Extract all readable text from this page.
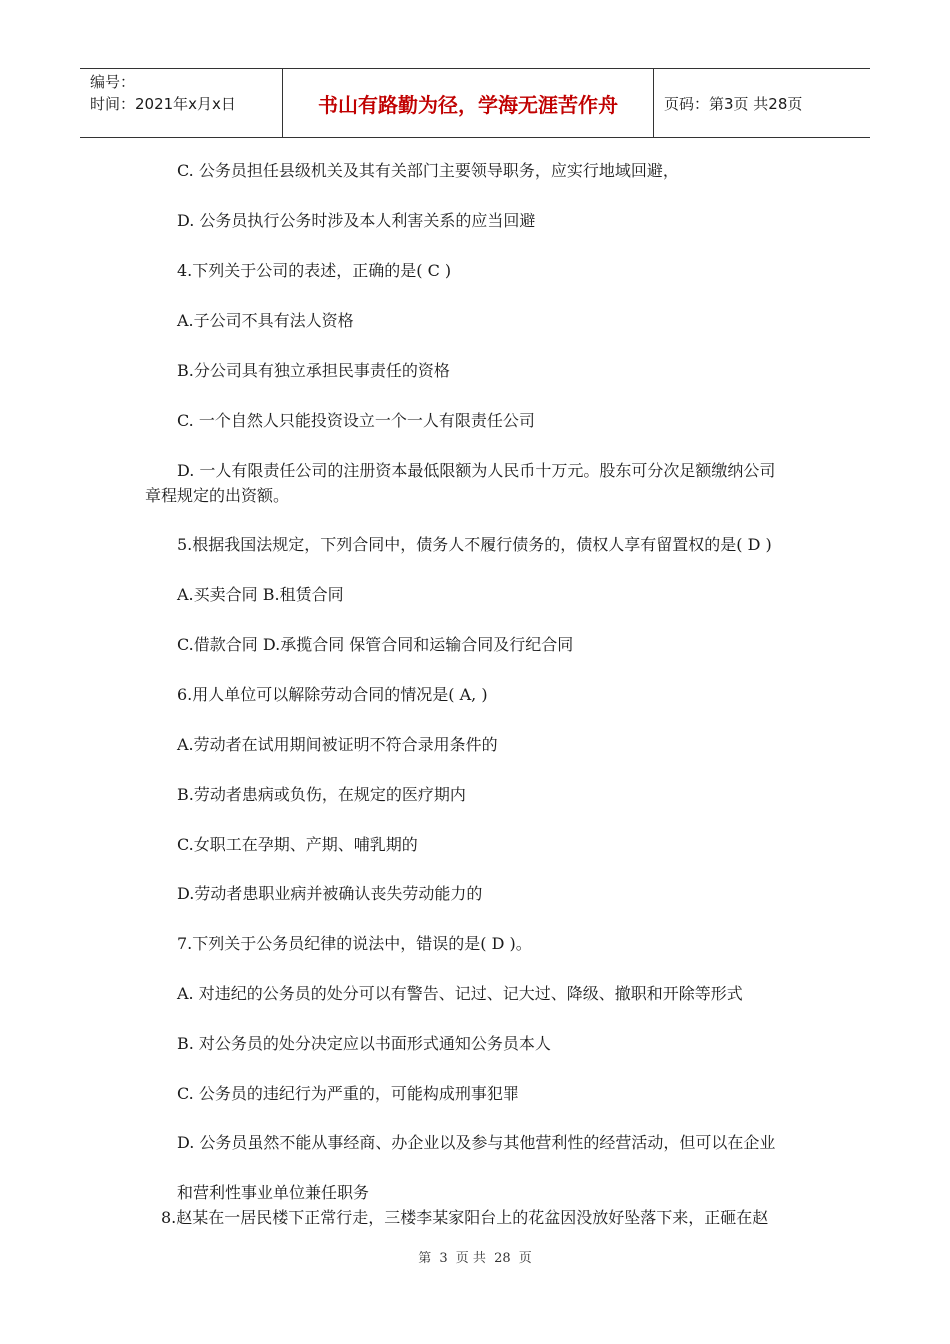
编号：
时间：2021年x月x日	书山有路勤为径，学海无涯苦作舟	页码：第3页 共28页
C. 公务员担任县级机关及其有关部门主要领导职务，应实行地域回避，
D. 公务员执行公务时涉及本人利害关系的应当回避
4.下列关于公司的表述，正确的是( C )
A.子公司不具有法人资格
B.分公司具有独立承担民事责任的资格
C. 一个自然人只能投资设立一个一人有限责任公司
D. 一人有限责任公司的注册资本最低限额为人民币十万元。股东可分次足额缴纳公司
章程规定的出资额。
5.根据我国法规定，下列合同中，债务人不履行债务的，债权人享有留置权的是( D )
A.买卖合同 B.租赁合同
C.借款合同 D.承揽合同 保管合同和运输合同及行纪合同
6.用人单位可以解除劳动合同的情况是( A, )
A.劳动者在试用期间被证明不符合录用条件的
B.劳动者患病或负伤，在规定的医疗期内
C.女职工在孕期、产期、哺乳期的
D.劳动者患职业病并被确认丧失劳动能力的
7.下列关于公务员纪律的说法中，错误的是( D )。
A. 对违纪的公务员的处分可以有警告、记过、记大过、降级、撤职和开除等形式
B. 对公务员的处分决定应以书面形式通知公务员本人
C. 公务员的违纪行为严重的，可能构成刑事犯罪
D. 公务员虽然不能从事经商、办企业以及参与其他营利性的经营活动，但可以在企业
和营利性事业单位兼任职务
8.赵某在一居民楼下正常行走，三楼李某家阳台上的花盆因没放好坠落下来，正砸在赵
第 3 页 共 28 页
